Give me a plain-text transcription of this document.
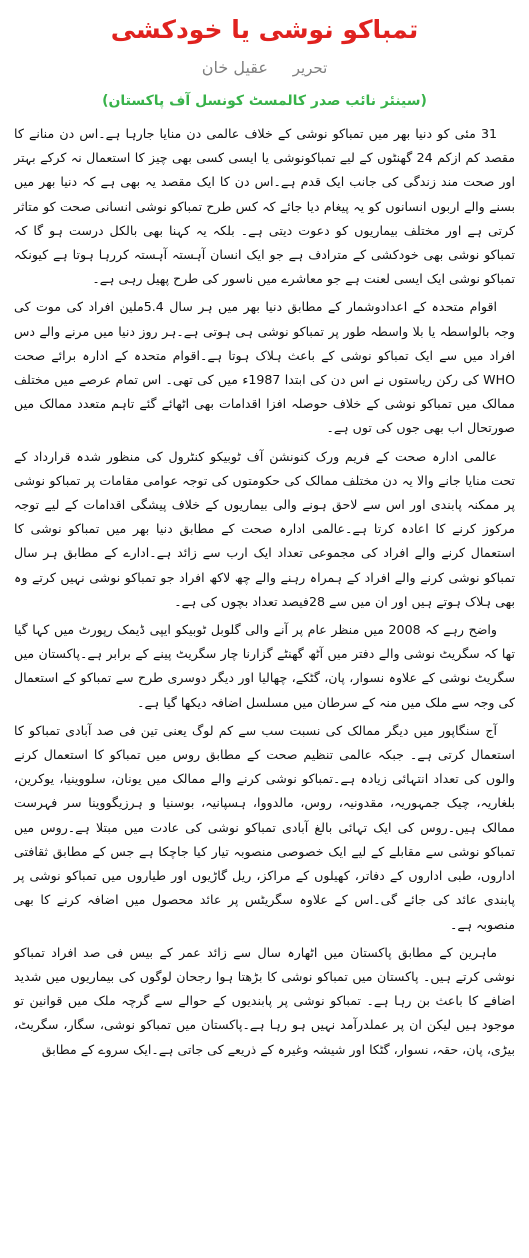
تمباکو نوشی یا خودکشی
تحریر عقیل خان
(سینئر نائب صدر کالمسٹ کونسل آف پاکستان)

31 مئی کو دنیا بھر میں تمباکو نوشی کے خلاف عالمی دن منایا جارہا ہے۔اس دن منانے کا مقصد کم ازکم 24 گھنٹوں کے لیے تمباکونوشی یا ایسی کسی بھی چیز کا استعمال نہ کرکے بہتر اور صحت مند زندگی کی جانب ایک قدم ہے۔اس دن کا ایک مقصد یہ بھی ہے کہ دنیا بھر میں بسنے والے اربوں انسانوں کو یہ پیغام دیا جائے کہ کس طرح تمباکو نوشی انسانی صحت کو متاثر کرتی ہے اور مختلف بیماریوں کو دعوت دیتی ہے۔ بلکہ یہ کہنا بھی بالکل درست ہو گا کہ تمباکو نوشی بھی خودکشی کے مترادف ہے جو ایک انسان آہستہ آہستہ کررہا ہوتا ہے کیونکہ تمباکو نوشی ایک ایسی لعنت ہے جو معاشرے میں ناسور کی طرح پھیل رہی ہے۔

اقوام متحدہ کے اعدادوشمار کے مطابق دنیا بھر میں ہر سال 5.4ملین افراد کی موت کی وجہ بالواسطہ یا بلا واسطہ طور پر تمباکو نوشی ہی ہوتی ہے۔ہر روز دنیا میں مرنے والے دس افراد میں سے ایک تمباکو نوشی کے باعث ہلاک ہوتا ہے۔اقوام متحدہ کے ادارہ برائے صحت WHO کی رکن ریاستوں نے اس دن کی ابتدا 1987ء میں کی تھی۔ اس تمام عرصے میں مختلف ممالک میں تمباکو نوشی کے خلاف حوصلہ افزا اقدامات بھی اٹھائے گئے تاہم متعدد ممالک میں صورتحال اب بھی جوں کی توں ہے۔

عالمی ادارہ صحت کے فریم ورک کنونشن آف ٹوبیکو کنٹرول کی منظور شدہ قرارداد کے تحت منایا جانے والا یہ دن مختلف ممالک کی حکومتوں کی توجہ عوامی مقامات پر تمباکو نوشی پر ممکنہ پابندی اور اس سے لاحق ہونے والی بیماریوں کے خلاف پیشگی اقدامات کے لیے توجہ مرکوز کرنے کا اعادہ کرتا ہے۔عالمی ادارہ صحت کے مطابق دنیا بھر میں تمباکو نوشی کا استعمال کرنے والے افراد کی مجموعی تعداد ایک ارب سے زائد ہے۔ادارے کے مطابق ہر سال تمباکو نوشی کرنے والے افراد کے ہمراہ رہنے والے چھ لاکھ افراد جو تمباکو نوشی نہیں کرتے وہ بھی ہلاک ہوتے ہیں اور ان میں سے 28فیصد تعداد بچوں کی ہے۔

واضح رہے کہ 2008 میں منظر عام پر آنے والی گلوبل ٹوبیکو ایپی ڈیمک رپورٹ میں کہا گیا تھا کہ سگریٹ نوشی والے دفتر میں آٹھ گھنٹے گزارنا چار سگریٹ پینے کے برابر ہے۔پاکستان میں سگریٹ نوشی کے علاوہ نسوار، پان، گٹکے، چھالیا اور دیگر دوسری طرح سے تمباکو کے استعمال کی وجہ سے ملک میں منہ کے سرطان میں مسلسل اضافہ دیکھا گیا ہے۔

آج سنگاپور میں دیگر ممالک کی نسبت سب سے کم لوگ یعنی تین فی صد آبادی تمباکو کا استعمال کرتی ہے۔ جبکہ عالمی تنظیم صحت کے مطابق روس میں تمباکو کا استعمال کرنے والوں کی تعداد انتہائی زیادہ ہے۔تمباکو نوشی کرنے والے ممالک میں یونان، سلووینیا، یوکرین، بلغاریہ، چیک جمہوریہ، مقدونیہ، روس، مالدووا، ہسپانیہ، بوسنیا و ہرزیگووینا سر فہرست ممالک ہیں۔روس کی ایک تہائی بالغ آبادی تمباکو نوشی کی عادت میں مبتلا ہے۔روس میں تمباکو نوشی سے مقابلے کے لیے ایک خصوصی منصوبہ تیار کیا جاچکا ہے جس کے مطابق ثقافتی اداروں، طبی اداروں کے دفاتر، کھیلوں کے مراکز، ریل گاڑیوں اور طیاروں میں تمباکو نوشی پر پابندی عائد کی جائے گی۔اس کے علاوہ سگریٹس پر عائد محصول میں اضافہ کرنے کا بھی منصوبہ ہے۔

ماہرین کے مطابق پاکستان میں اٹھارہ سال سے زائد عمر کے بیس فی صد افراد تمباکو نوشی کرتے ہیں۔ پاکستان میں تمباکو نوشی کا بڑھتا ہوا رجحان لوگوں کی بیماریوں میں شدید اضافے کا باعث بن رہا ہے۔ تمباکو نوشی پر پابندیوں کے حوالے سے گرچہ ملک میں قوانین تو موجود ہیں لیکن ان پر عملدرآمد نہیں ہو رہا ہے۔پاکستان میں تمباکو نوشی، سگار، سگریٹ، بیڑی، پان، حقہ، نسوار، گٹکا اور شیشہ وغیرہ کے ذریعے کی جاتی ہے۔ایک سروے کے مطابق
